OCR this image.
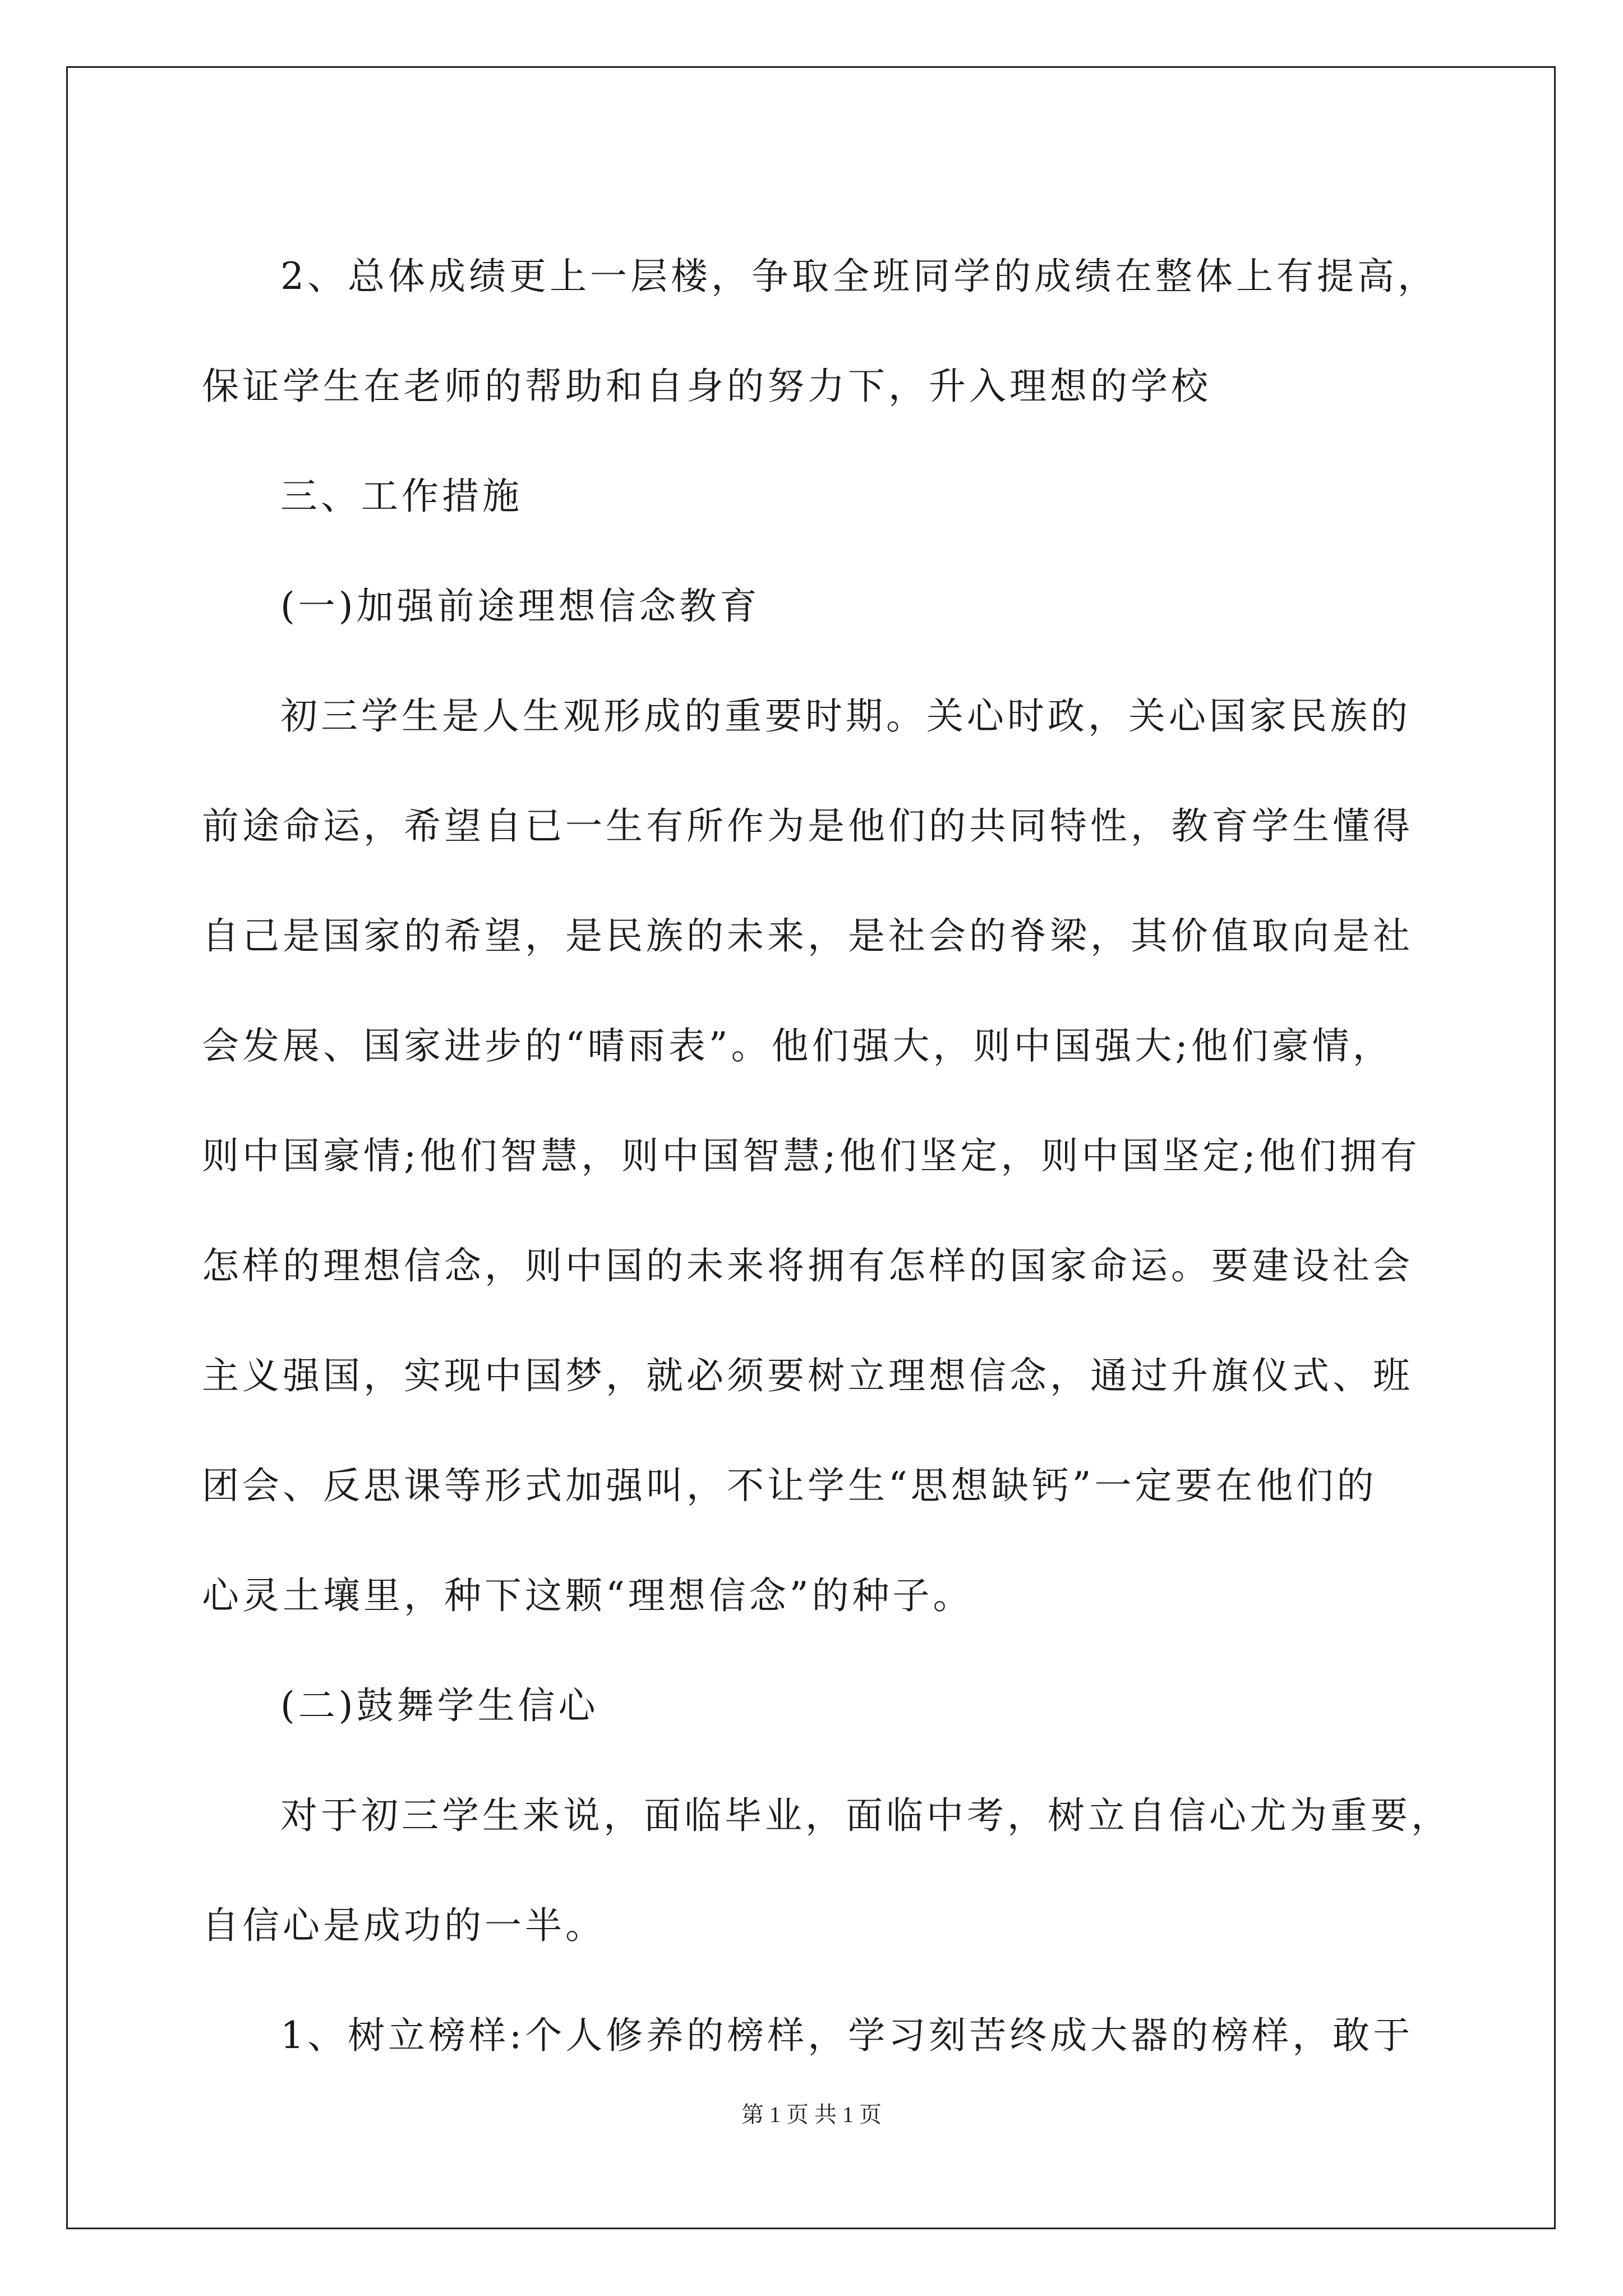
2、总体成绩更上一层楼，争取全班同学的成绩在整体上有提高，

保证学生在老师的帮助和自身的努力下，升入理想的学校

三、工作措施

(一)加强前途理想信念教育

初三学生是人生观形成的重要时期。关心时政，关心国家民族的

前途命运，希望自已一生有所作为是他们的共同特性，教育学生懂得

自己是国家的希望，是民族的未来，是社会的脊梁，其价值取向是社

会发展、国家进步的“晴雨表”。他们强大，则中国强大;他们豪情，

则中国豪情;他们智慧，则中国智慧;他们坚定，则中国坚定;他们拥有

怎样的理想信念，则中国的未来将拥有怎样的国家命运。要建设社会

主义强国，实现中国梦，就必须要树立理想信念，通过升旗仪式、班

团会、反思课等形式加强叫，不让学生“思想缺钙”一定要在他们的

心灵土壤里，种下这颗“理想信念”的种子。

(二)鼓舞学生信心

对于初三学生来说，面临毕业，面临中考，树立自信心尤为重要，

自信心是成功的一半。

1、树立榜样:个人修养的榜样，学习刻苦终成大器的榜样，敢于

第 1 页 共 1 页
